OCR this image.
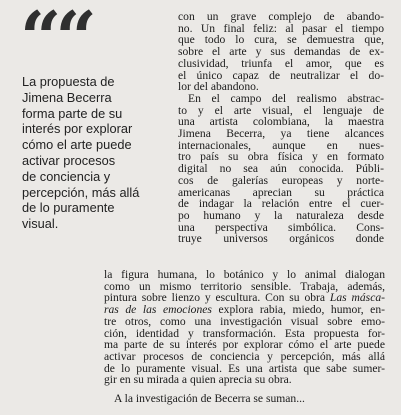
““

La propuesta de
Jimena Becerra
forma parte de su
interés por explorar
cómo el arte puede
activar procesos
de conciencia y
percepción, más allá
de lo puramente
visual.

con un grave complejo de abando-
no. Un final feliz: al pasar el tiempo
que todo lo cura, se demuestra que,
sobre el arte y sus demandas de ex-
clusividad, triunfa el amor, que es
el único capaz de neutralizar el do-
lor del abandono.
En el campo del realismo abstrac-
to y el arte visual, el lenguaje de
una artista colombiana, la maestra
Jimena Becerra, ya tiene alcances
internacionales, aunque en nues-
tro país su obra física y en formato
digital no sea aún conocida. Públi-
cos de galerías europeas y norte-
americanas aprecian su práctica
de indagar la relación entre el cuer-
po humano y la naturaleza desde
una perspectiva simbólica. Cons-
truye universos orgánicos donde
la figura humana, lo botánico y lo animal dialogan
como un mismo territorio sensible. Trabaja, además,
pintura sobre lienzo y escultura. Con su obra Las másca-
ras de las emociones explora rabia, miedo, humor, en-
tre otros, como una investigación visual sobre emo-
ción, identidad y transformación. Esta propuesta for-
ma parte de su interés por explorar cómo el arte puede
activar procesos de conciencia y percepción, más allá
de lo puramente visual. Es una artista que sabe sumer-
gir en su mirada a quien aprecia su obra.
A la investigación de Becerra se suman...
